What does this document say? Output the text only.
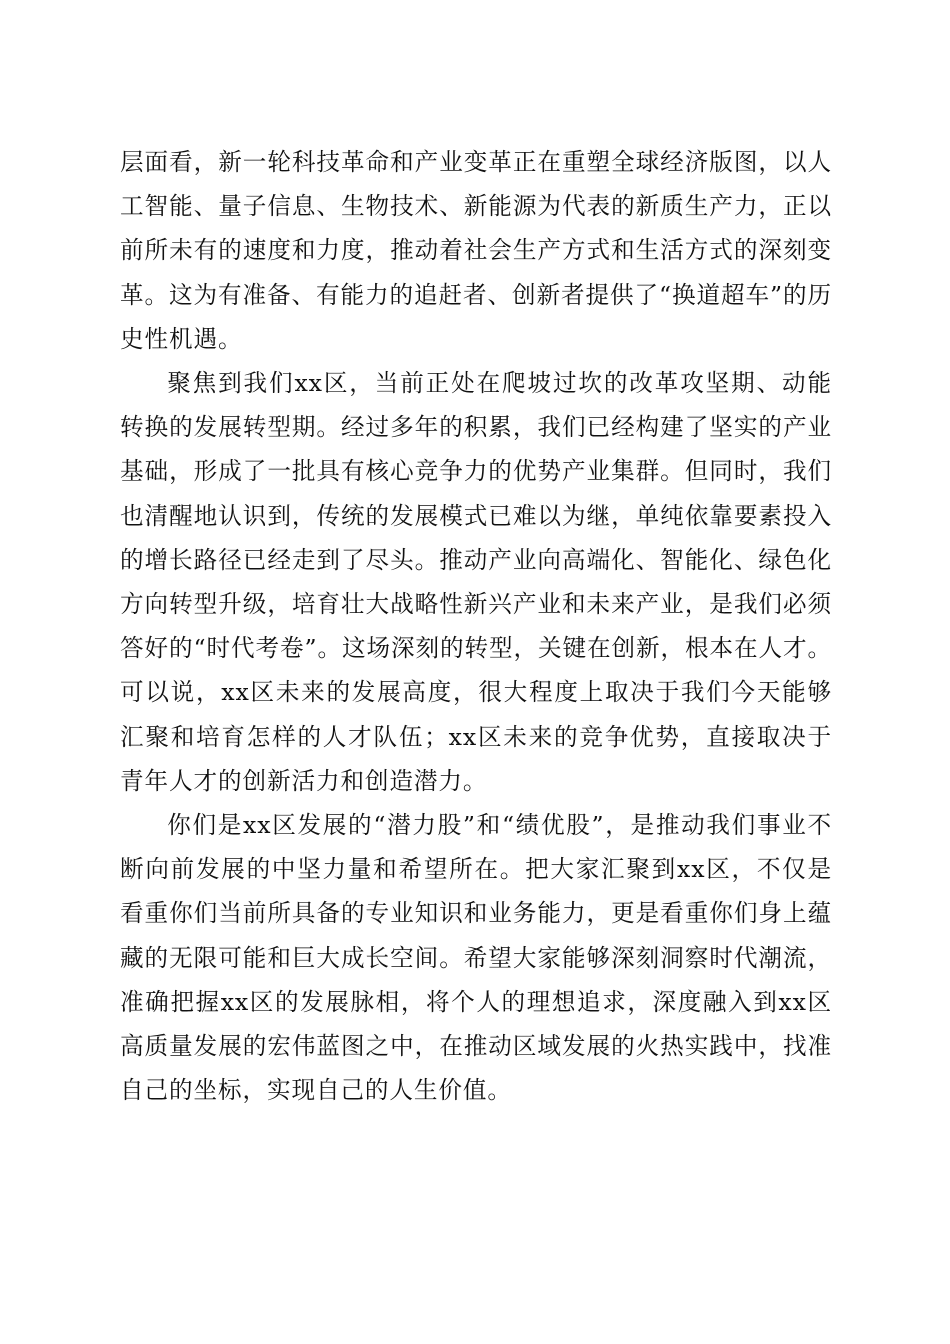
层面看，新一轮科技革命和产业变革正在重塑全球经济版图，以人工智能、量子信息、生物技术、新能源为代表的新质生产力，正以前所未有的速度和力度，推动着社会生产方式和生活方式的深刻变革。这为有准备、有能力的追赶者、创新者提供了“换道超车”的历史性机遇。

聚焦到我们xx区，当前正处在爬坡过坎的改革攻坚期、动能转换的发展转型期。经过多年的积累，我们已经构建了坚实的产业基础，形成了一批具有核心竞争力的优势产业集群。但同时，我们也清醒地认识到，传统的发展模式已难以为继，单纯依靠要素投入的增长路径已经走到了尽头。推动产业向高端化、智能化、绿色化方向转型升级，培育壮大战略性新兴产业和未来产业，是我们必须答好的“时代考卷”。这场深刻的转型，关键在创新，根本在人才。可以说，xx区未来的发展高度，很大程度上取决于我们今天能够汇聚和培育怎样的人才队伍；xx区未来的竞争优势，直接取决于青年人才的创新活力和创造潜力。

你们是xx区发展的“潜力股”和“绩优股”，是推动我们事业不断向前发展的中坚力量和希望所在。把大家汇聚到xx区，不仅是看重你们当前所具备的专业知识和业务能力，更是看重你们身上蕴藏的无限可能和巨大成长空间。希望大家能够深刻洞察时代潮流，准确把握xx区的发展脉相，将个人的理想追求，深度融入到xx区高质量发展的宏伟蓝图之中，在推动区域发展的火热实践中，找准自己的坐标，实现自己的人生价值。
